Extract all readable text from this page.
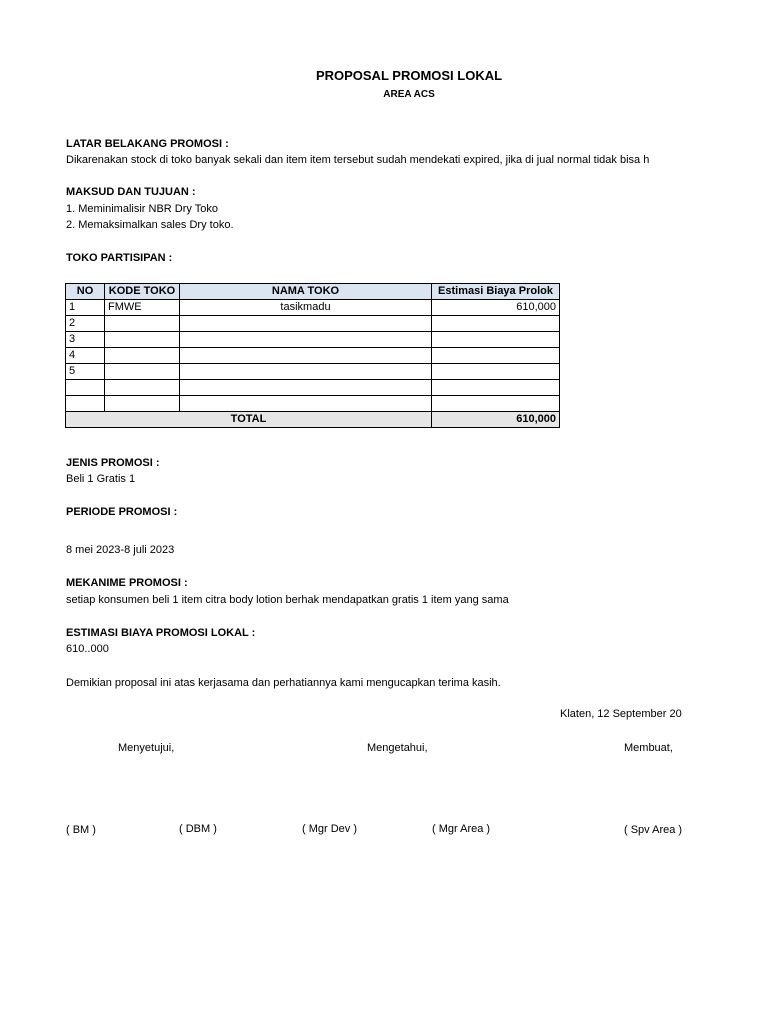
PROPOSAL PROMOSI LOKAL
AREA ACS
LATAR BELAKANG PROMOSI :
Dikarenakan stock di toko banyak sekali dan item item tersebut sudah mendekati expired, jika di jual normal tidak bisa h
MAKSUD DAN TUJUAN :
1. Meminimalisir NBR Dry Toko
2. Memaksimalkan sales Dry toko.
TOKO PARTISIPAN :
NO	KODE TOKO	NAMA TOKO	Estimasi Biaya Prolok
1	FMWE	tasikmadu	610,000
2			
3			
4			
5			

TOTAL			610,000
JENIS PROMOSI :
Beli 1 Gratis 1
PERIODE PROMOSI :
8 mei 2023-8 juli 2023
MEKANIME PROMOSI :
setiap konsumen beli 1 item citra body lotion berhak mendapatkan gratis 1 item yang sama
ESTIMASI BIAYA PROMOSI LOKAL :
610..000
Demikian proposal ini atas kerjasama dan perhatiannya kami mengucapkan terima kasih.
Klaten, 12 September 20
Menyetujui,	Mengetahui,	Membuat,
( BM )	( DBM )	( Mgr Dev )	( Mgr Area )	( Spv Area )
